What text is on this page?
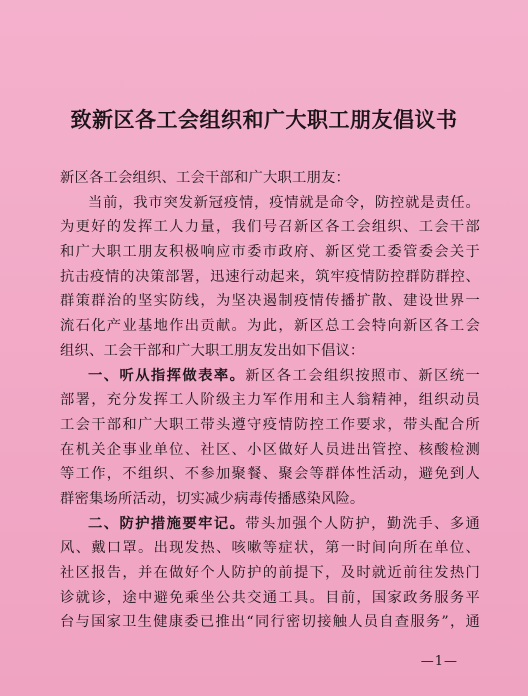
致新区各工会组织和广大职工朋友倡议书
新区各工会组织、工会干部和广大职工朋友：
当前，我市突发新冠疫情，疫情就是命令，防控就是责任。
为更好的发挥工人力量，我们号召新区各工会组织、工会干部
和广大职工朋友积极响应市委市政府、新区党工委管委会关于
抗击疫情的决策部署，迅速行动起来，筑牢疫情防控群防群控、
群策群治的坚实防线，为坚决遏制疫情传播扩散、建设世界一
流石化产业基地作出贡献。为此，新区总工会特向新区各工会
组织、工会干部和广大职工朋友发出如下倡议：
一、听从指挥做表率。新区各工会组织按照市、新区统一
部署，充分发挥工人阶级主力军作用和主人翁精神，组织动员
工会干部和广大职工带头遵守疫情防控工作要求，带头配合所
在机关企事业单位、社区、小区做好人员进出管控、核酸检测
等工作，不组织、不参加聚餐、聚会等群体性活动，避免到人
群密集场所活动，切实减少病毒传播感染风险。
二、防护措施要牢记。带头加强个人防护，勤洗手、多通
风、戴口罩。出现发热、咳嗽等症状，第一时间向所在单位、
社区报告，并在做好个人防护的前提下，及时就近前往发热门
诊就诊，途中避免乘坐公共交通工具。目前，国家政务服务平
台与国家卫生健康委已推出“同行密切接触人员自查服务”，通
—1—
